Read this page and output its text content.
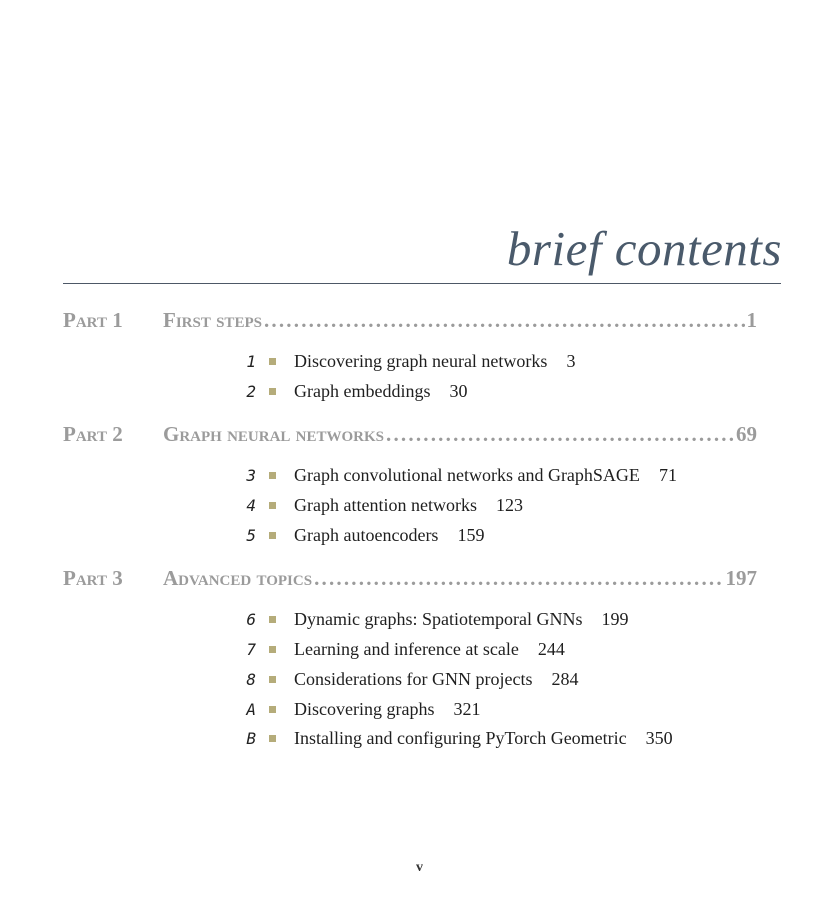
brief contents
Part 1	First steps .....	1
1 Discovering graph neural networks 3
2 Graph embeddings 30
Part 2	Graph neural networks .....	69
3 Graph convolutional networks and GraphSAGE 71
4 Graph attention networks 123
5 Graph autoencoders 159
Part 3	Advanced topics .....	197
6 Dynamic graphs: Spatiotemporal GNNs 199
7 Learning and inference at scale 244
8 Considerations for GNN projects 284
A Discovering graphs 321
B Installing and configuring PyTorch Geometric 350
v
